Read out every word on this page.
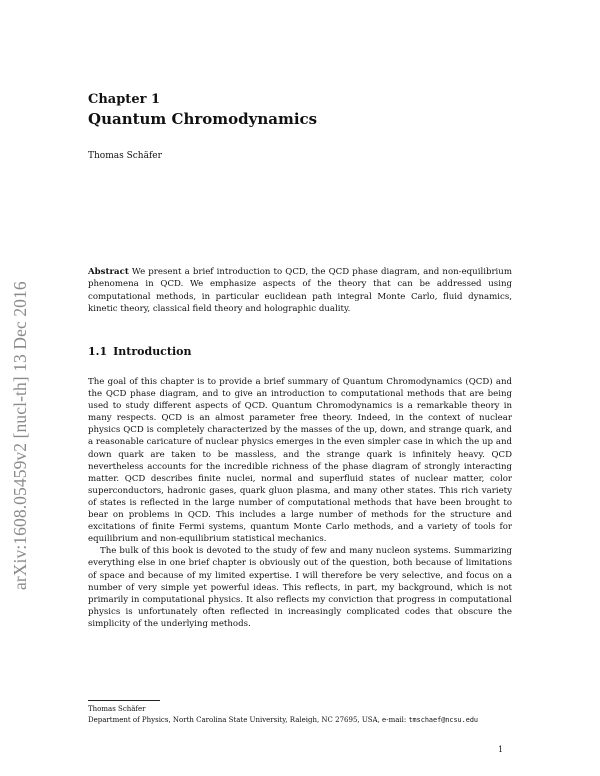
arXiv:1608.05459v2 [nucl-th] 13 Dec 2016
Chapter 1
Quantum Chromodynamics
Thomas Schäfer

Abstract We present a brief introduction to QCD, the QCD phase diagram, and non-equilibrium phenomena in QCD. We emphasize aspects of the theory that can be addressed using computational methods, in particular euclidean path integral Monte Carlo, fluid dynamics, kinetic theory, classical field theory and holographic duality.

1.1 Introduction

The goal of this chapter is to provide a brief summary of Quantum Chromodynamics (QCD) and the QCD phase diagram, and to give an introduction to computational methods that are being used to study different aspects of QCD. Quantum Chromodynamics is a remarkable theory in many respects. QCD is an almost parameter free theory. Indeed, in the context of nuclear physics QCD is completely characterized by the masses of the up, down, and strange quark, and a reasonable caricature of nuclear physics emerges in the even simpler case in which the up and down quark are taken to be massless, and the strange quark is infinitely heavy. QCD nevertheless accounts for the incredible richness of the phase diagram of strongly interacting matter. QCD describes finite nuclei, normal and superfluid states of nuclear matter, color superconductors, hadronic gases, quark gluon plasma, and many other states. This rich variety of states is reflected in the large number of computational methods that have been brought to bear on problems in QCD. This includes a large number of methods for the structure and excitations of finite Fermi systems, quantum Monte Carlo methods, and a variety of tools for equilibrium and non-equilibrium statistical mechanics.

The bulk of this book is devoted to the study of few and many nucleon systems. Summarizing everything else in one brief chapter is obviously out of the question, both because of limitations of space and because of my limited expertise. I will therefore be very selective, and focus on a number of very simple yet powerful ideas. This reflects, in part, my background, which is not primarily in computational physics. It also reflects my conviction that progress in computational physics is unfortunately often reflected in increasingly complicated codes that obscure the simplicity of the underlying methods.

Thomas Schäfer
Department of Physics, North Carolina State University, Raleigh, NC 27695, USA, e-mail: tmschaef@ncsu.edu
1
